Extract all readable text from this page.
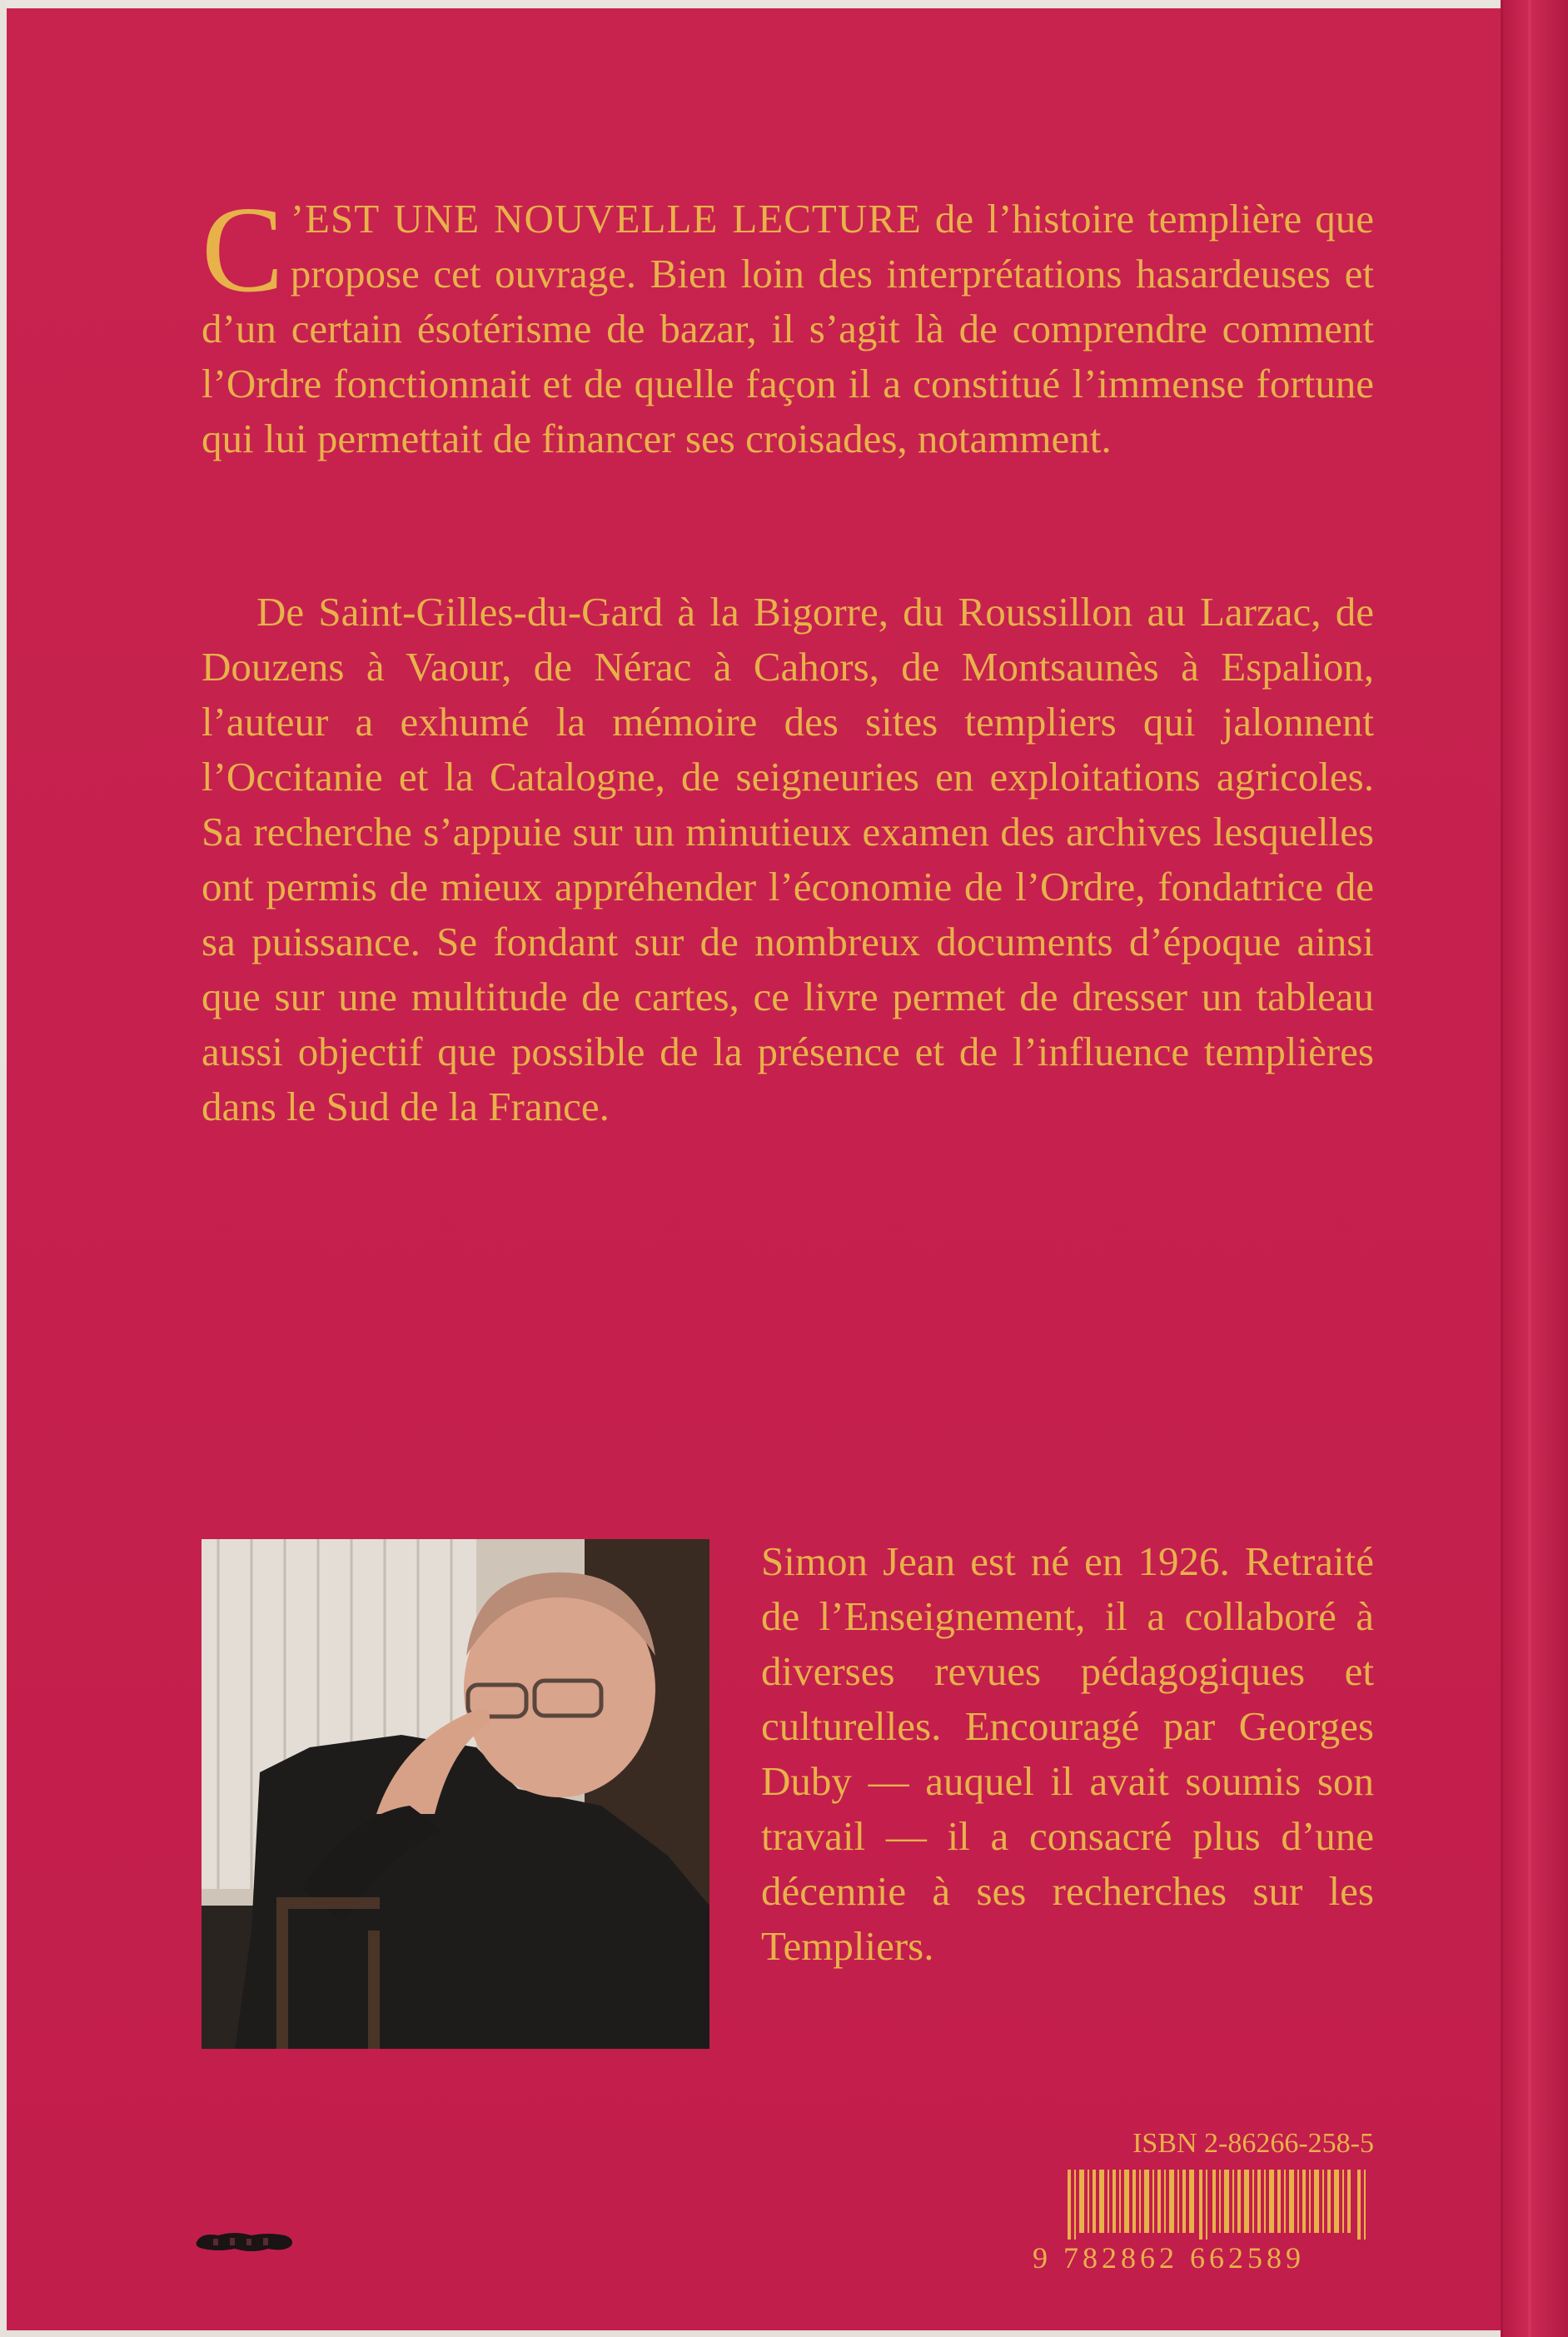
C ’EST UNE NOUVELLE LECTURE de l’histoire templière que propose cet ouvrage. Bien loin des interprétations hasardeuses et d’un certain ésotérisme de bazar, il s’agit là de comprendre comment l’Ordre fonctionnait et de quelle façon il a constitué l’immense fortune qui lui permettait de financer ses croisades, notamment.

De Saint-Gilles-du-Gard à la Bigorre, du Roussillon au Larzac, de Douzens à Vaour, de Nérac à Cahors, de Montsaunès à Espalion, l’auteur a exhumé la mémoire des sites templiers qui jalonnent l’Occitanie et la Catalogne, de seigneuries en exploitations agricoles. Sa recherche s’appuie sur un minutieux examen des archives lesquelles ont permis de mieux appréhender l’économie de l’Ordre, fondatrice de sa puissance. Se fondant sur de nombreux documents d’époque ainsi que sur une multitude de cartes, ce livre permet de dresser un tableau aussi objectif que possible de la présence et de l’influence templières dans le Sud de la France.

Simon Jean est né en 1926. Retraité de l’Enseignement, il a collaboré à diverses revues pédagogiques et culturelles. Encouragé par Georges Duby — auquel il avait soumis son travail — il a consacré plus d’une décennie à ses recherches sur les Templiers.

ISBN 2-86266-258-5
9 782862 662589
